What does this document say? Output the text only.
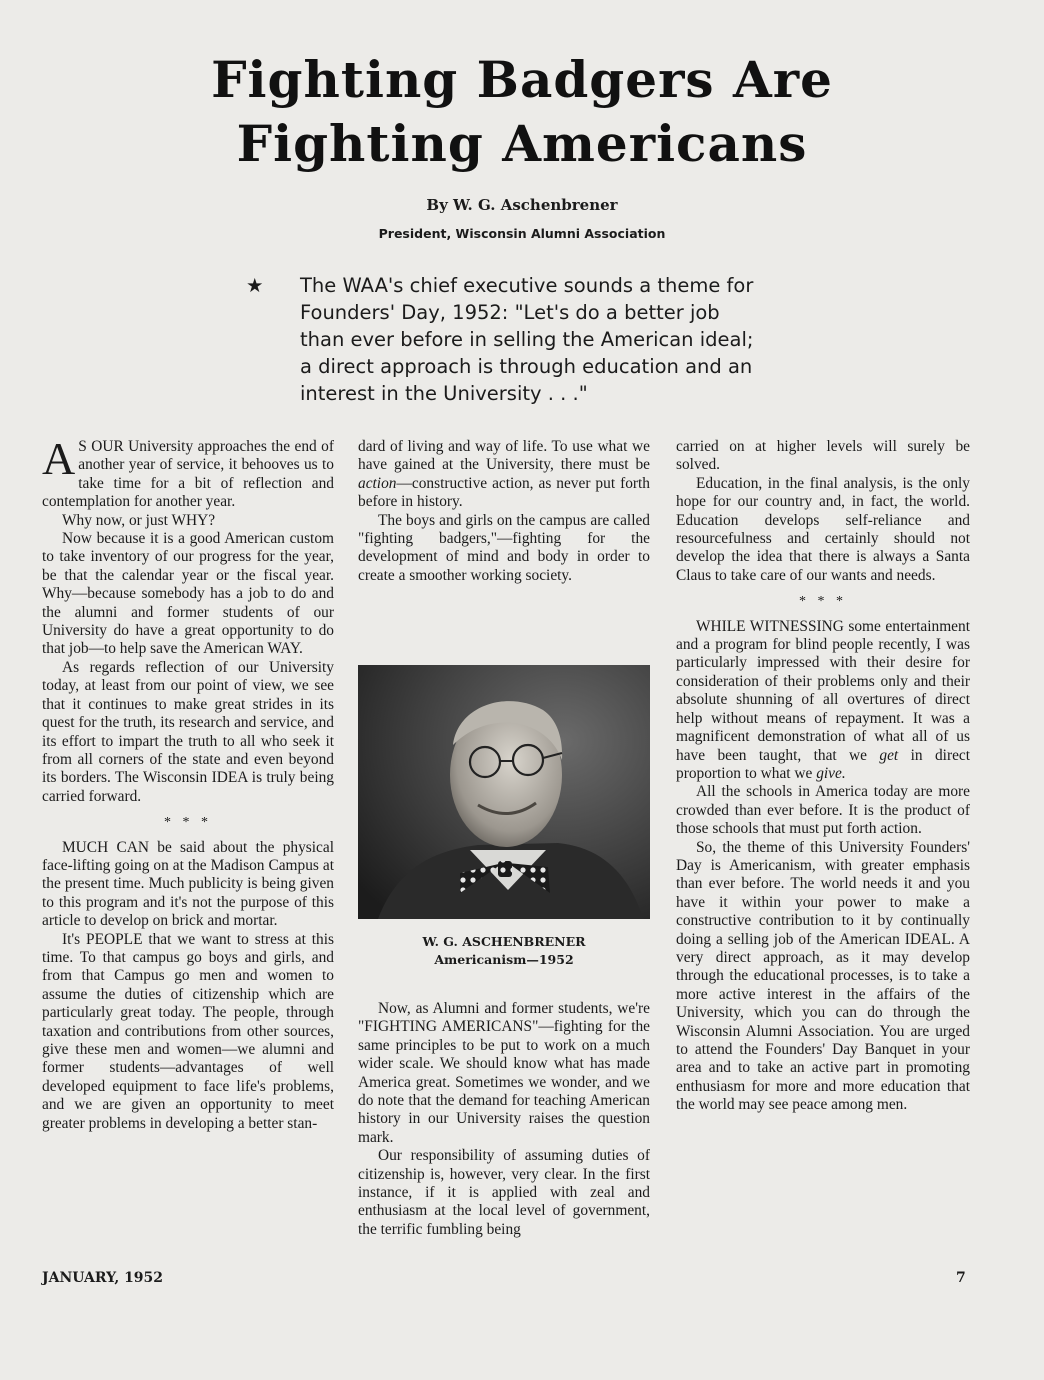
Fighting Badgers Are
Fighting Americans
By W. G. Aschenbrener
President, Wisconsin Alumni Association
★	The WAA's chief executive sounds a theme for
Founders' Day, 1952: "Let's do a better job
than ever before in selling the American ideal;
a direct approach is through education and an
interest in the University . . ."

A S OUR University approaches the end of another year of service, it behooves us to take time for a bit of reflection and contemplation for another year.

Why now, or just WHY?

Now because it is a good American custom to take inventory of our progress for the year, be that the calendar year or the fiscal year. Why—because somebody has a job to do and the alumni and former students of our University do have a great opportunity to do that job—to help save the American WAY.

As regards reflection of our University today, at least from our point of view, we see that it continues to make great strides in its quest for the truth, its research and service, and its effort to impart the truth to all who seek it from all corners of the state and even beyond its borders. The Wisconsin IDEA is truly being carried forward.

* * *

MUCH CAN be said about the physical face-lifting going on at the Madison Campus at the present time. Much publicity is being given to this program and it's not the purpose of this article to develop on brick and mortar.

It's PEOPLE that we want to stress at this time. To that campus go boys and girls, and from that Campus go men and women to assume the duties of citizenship which are particularly great today. The people, through taxation and contributions from other sources, give these men and women—we alumni and former students—advantages of well developed equipment to face life's problems, and we are given an opportunity to meet greater problems in developing a better stan-

dard of living and way of life. To use what we have gained at the University, there must be action—constructive action, as never put forth before in history.

The boys and girls on the campus are called "fighting badgers,"—fighting for the development of mind and body in order to create a smoother working society.

W. G. ASCHENBRENER
Americanism—1952

Now, as Alumni and former students, we're "FIGHTING AMERICANS"—fighting for the same principles to be put to work on a much wider scale. We should know what has made America great. Sometimes we wonder, and we do note that the demand for teaching American history in our University raises the question mark.

Our responsibility of assuming duties of citizenship is, however, very clear. In the first instance, if it is applied with zeal and enthusiasm at the local level of government, the terrific fumbling being

carried on at higher levels will surely be solved.

Education, in the final analysis, is the only hope for our country and, in fact, the world. Education develops self-reliance and resourcefulness and certainly should not develop the idea that there is always a Santa Claus to take care of our wants and needs.

* * *

WHILE WITNESSING some entertainment and a program for blind people recently, I was particularly impressed with their desire for consideration of their problems only and their absolute shunning of all overtures of direct help without means of repayment. It was a magnificent demonstration of what all of us have been taught, that we get in direct proportion to what we give.

All the schools in America today are more crowded than ever before. It is the product of those schools that must put forth action.

So, the theme of this University Founders' Day is Americanism, with greater emphasis than ever before. The world needs it and you have it within your power to make a constructive contribution to it by continually doing a selling job of the American IDEAL. A very direct approach, as it may develop through the educational processes, is to take a more active interest in the affairs of the University, which you can do through the Wisconsin Alumni Association. You are urged to attend the Founders' Day Banquet in your area and to take an active part in promoting enthusiasm for more and more education that the world may see peace among men.

JANUARY, 1952	7
